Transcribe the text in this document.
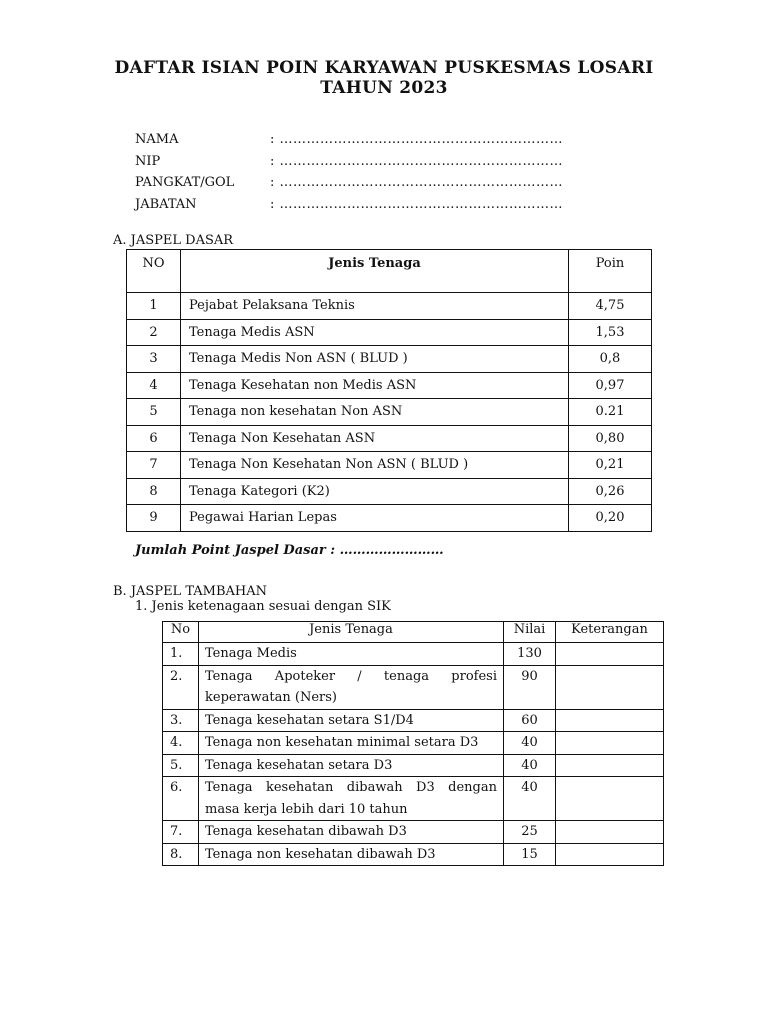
DAFTAR ISIAN POIN KARYAWAN PUSKESMAS LOSARI
TAHUN 2023
NAMA	: ………………………………………………………
NIP	: ………………………………………………………
PANGKAT/GOL	: ………………………………………………………
JABATAN	: ………………………………………………………
A. JASPEL DASAR
NO	Jenis Tenaga	Poin
1	Pejabat Pelaksana Teknis	4,75
2	Tenaga Medis ASN	1,53
3	Tenaga Medis Non ASN ( BLUD )	0,8
4	Tenaga Kesehatan non Medis ASN	0,97
5	Tenaga non kesehatan Non ASN	0.21
6	Tenaga Non Kesehatan ASN	0,80
7	Tenaga Non Kesehatan Non ASN ( BLUD )	0,21
8	Tenaga Kategori (K2)	0,26
9	Pegawai Harian Lepas	0,20
Jumlah Point Jaspel Dasar : ……………………
B. JASPEL TAMBAHAN
1. Jenis ketenagaan sesuai dengan SIK
No	Jenis Tenaga	Nilai	Keterangan
1.	Tenaga Medis	130	
2.	Tenaga Apoteker / tenaga profesi keperawatan (Ners)	90	
3.	Tenaga kesehatan setara S1/D4	60	
4.	Tenaga non kesehatan minimal setara D3	40	
5.	Tenaga kesehatan setara D3	40	
6.	Tenaga kesehatan dibawah D3 dengan masa kerja lebih dari 10 tahun	40	
7.	Tenaga kesehatan dibawah D3	25	
8.	Tenaga non kesehatan dibawah D3	15	
